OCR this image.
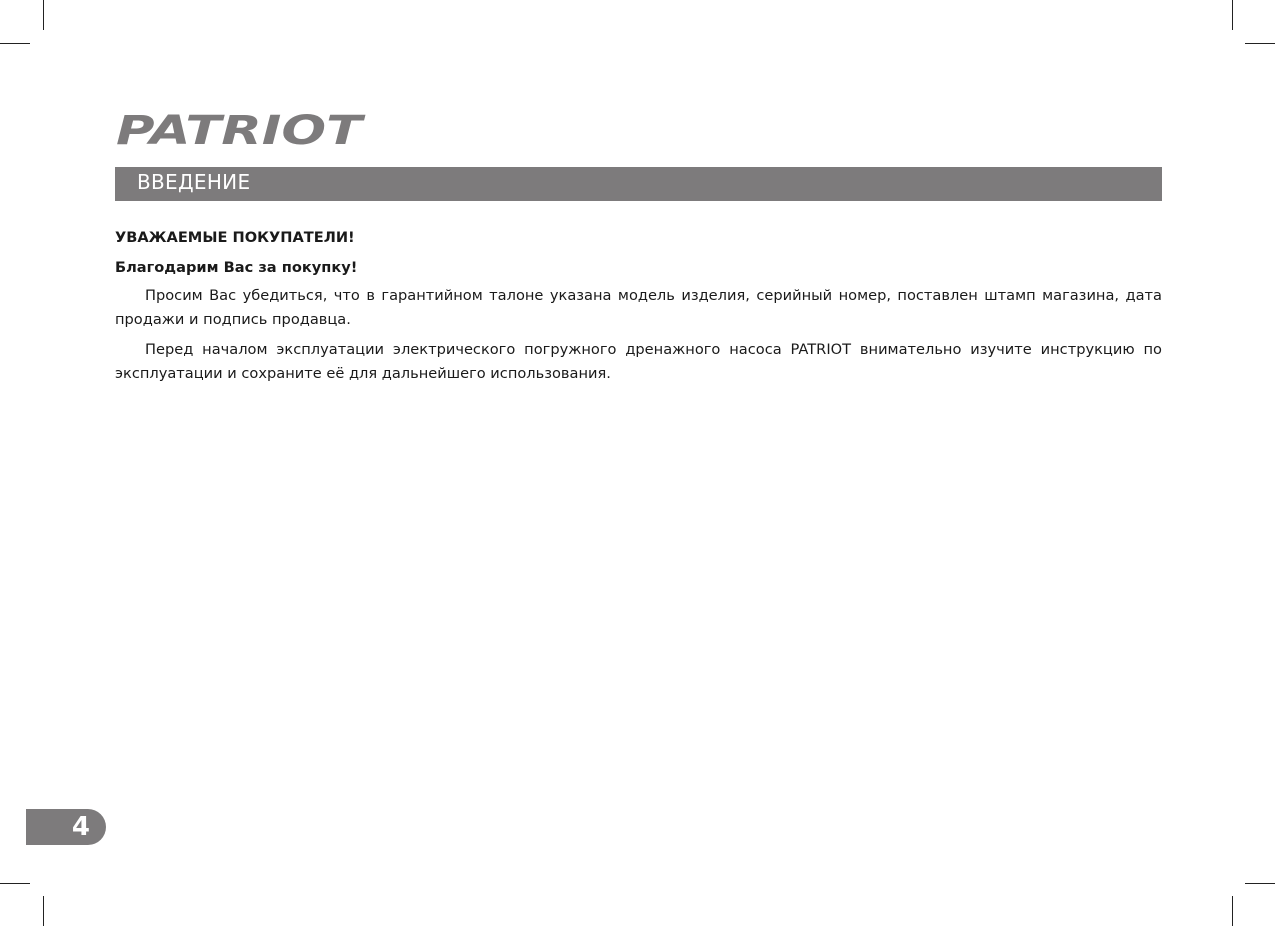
PATRIOT
ВВЕДЕНИЕ

УВАЖАЕМЫЕ ПОКУПАТЕЛИ!

Благодарим Вас за покупку!

Просим Вас убедиться, что в гарантийном талоне указана модель изделия, серийный номер, поставлен штамп магазина, дата продажи и подпись продавца.

Перед началом эксплуатации электрического погружного дренажного насоса PATRIOT внимательно изучите инструкцию по эксплуатации и сохраните её для дальнейшего использования.

4
